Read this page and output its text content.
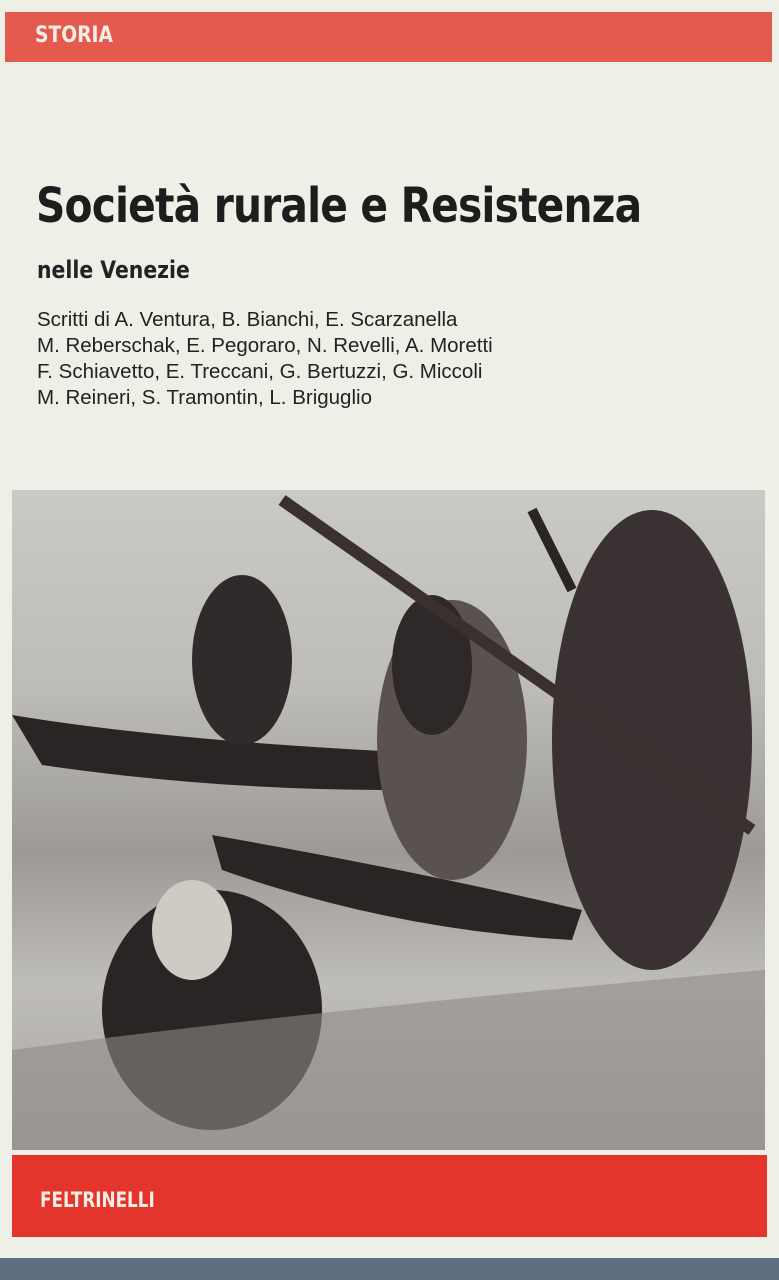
STORIA
Società rurale e Resistenza
nelle Venezie
Scritti di A. Ventura, B. Bianchi, E. Scarzanella
M. Reberschak, E. Pegoraro, N. Revelli, A. Moretti
F. Schiavetto, E. Treccani, G. Bertuzzi, G. Miccoli
M. Reineri, S. Tramontin, L. Briguglio
FELTRINELLI
